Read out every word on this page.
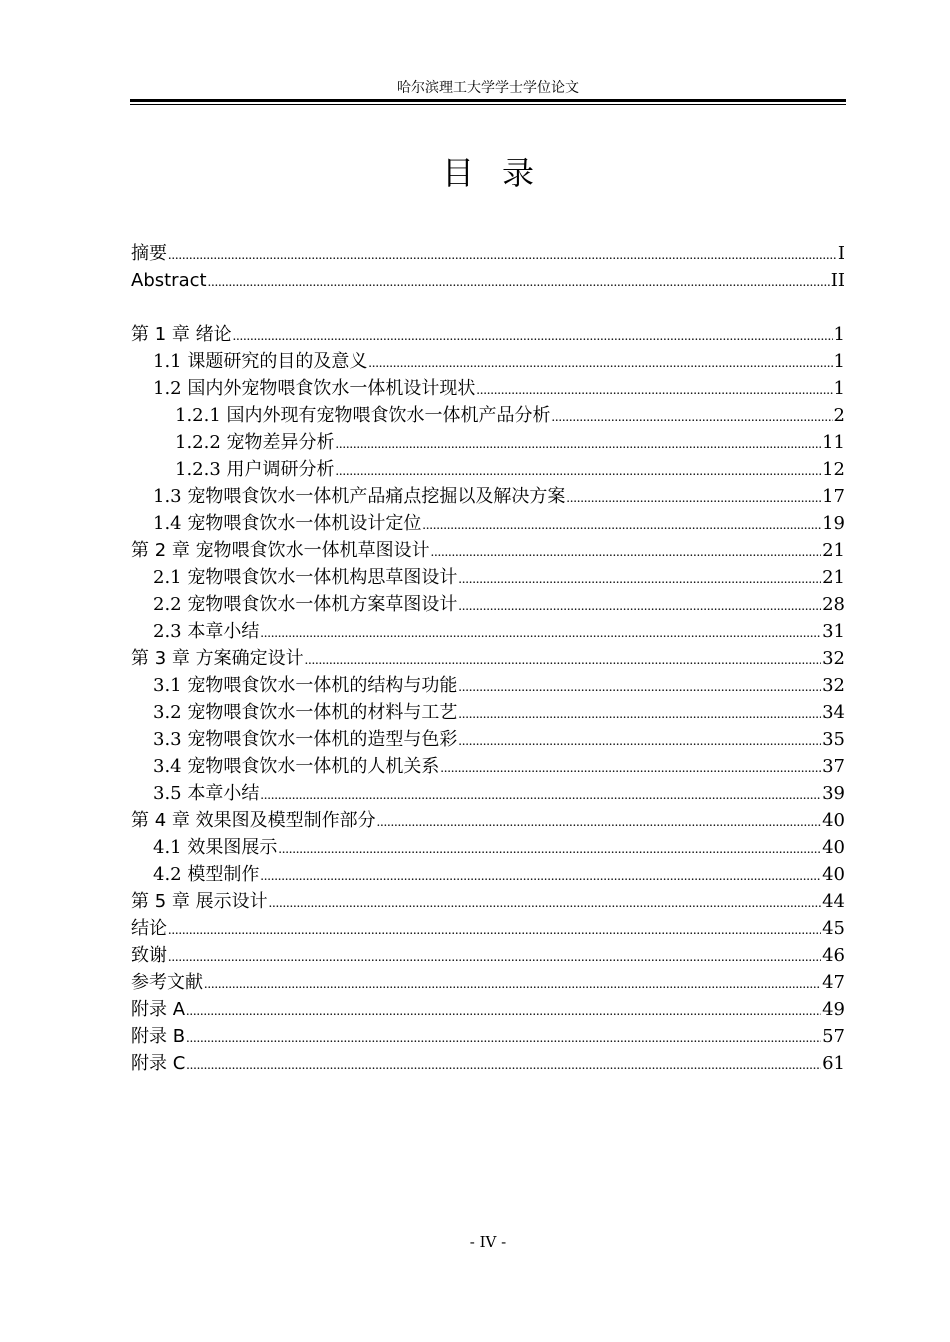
哈尔滨理工大学学士学位论文
目录
摘要 .....	I
Abstract .....	II
第 1 章 绪论 .....	1
1.1 课题研究的目的及意义 .....	1
1.2 国内外宠物喂食饮水一体机设计现状 .....	1
1.2.1 国内外现有宠物喂食饮水一体机产品分析 .....	2
1.2.2 宠物差异分析 .....	11
1.2.3 用户调研分析 .....	12
1.3 宠物喂食饮水一体机产品痛点挖掘以及解决方案 .....	17
1.4 宠物喂食饮水一体机设计定位 .....	19
第 2 章 宠物喂食饮水一体机草图设计 .....	21
2.1 宠物喂食饮水一体机构思草图设计 .....	21
2.2 宠物喂食饮水一体机方案草图设计 .....	28
2.3 本章小结 .....	31
第 3 章 方案确定设计 .....	32
3.1 宠物喂食饮水一体机的结构与功能 .....	32
3.2 宠物喂食饮水一体机的材料与工艺 .....	34
3.3 宠物喂食饮水一体机的造型与色彩 .....	35
3.4 宠物喂食饮水一体机的人机关系 .....	37
3.5 本章小结 .....	39
第 4 章 效果图及模型制作部分 .....	40
4.1 效果图展示 .....	40
4.2 模型制作 .....	40
第 5 章 展示设计 .....	44
结论 .....	45
致谢 .....	46
参考文献 .....	47
附录 A .....	49
附录 B .....	57
附录 C .....	61
- IV -
